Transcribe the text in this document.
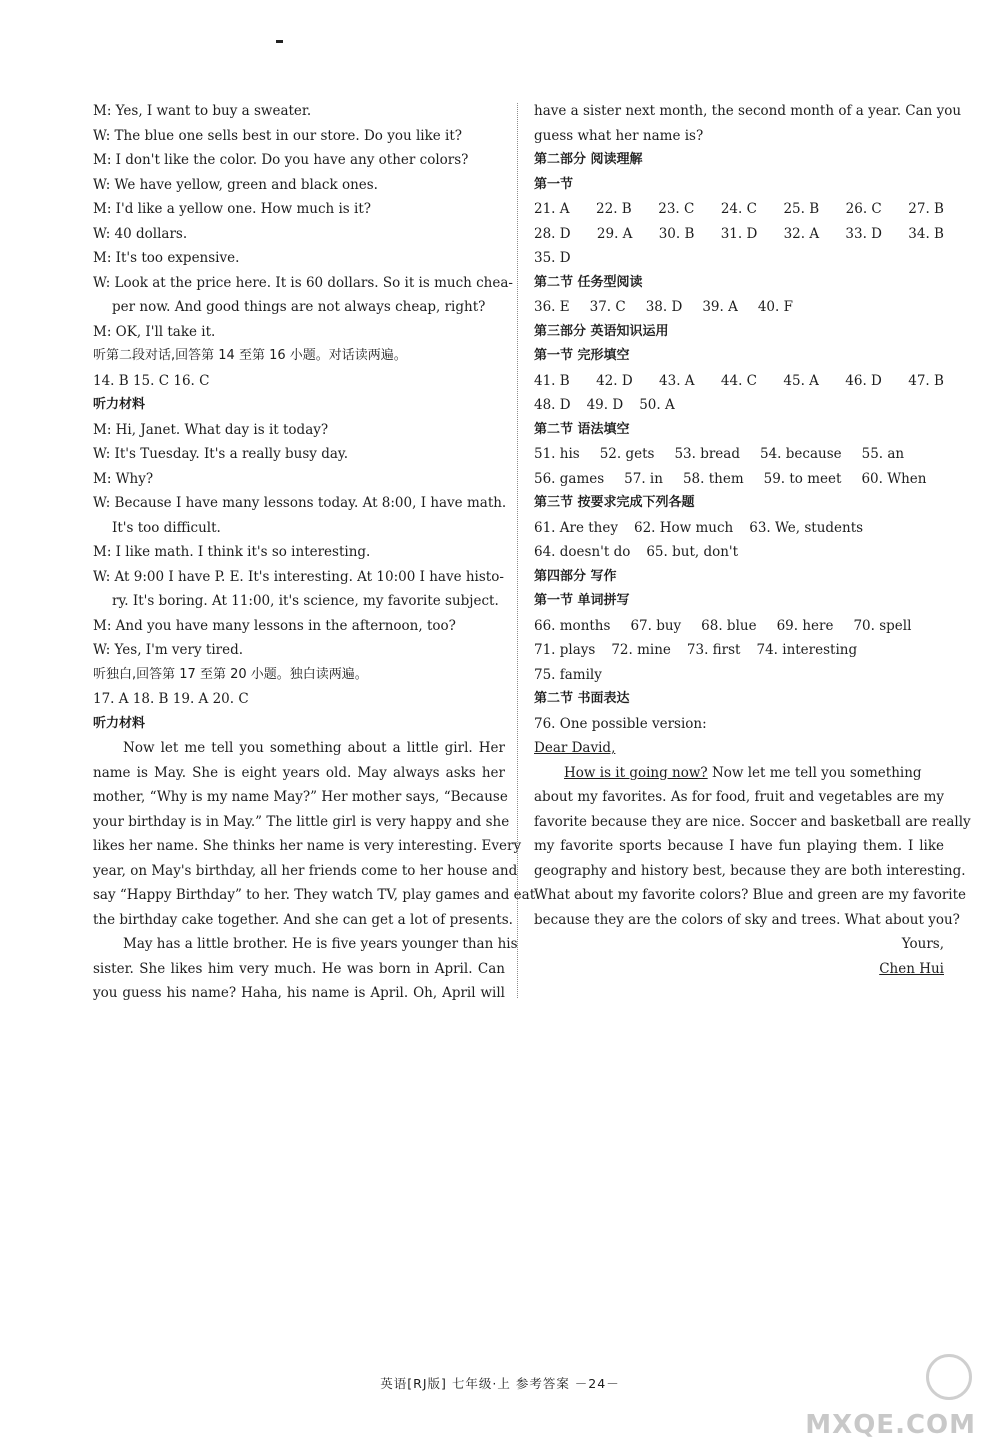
M: Yes, I want to buy a sweater.
W: The blue one sells best in our store. Do you like it?
M: I don't like the color. Do you have any other colors?
W: We have yellow, green and black ones.
M: I'd like a yellow one. How much is it?
W: 40 dollars.
M: It's too expensive.
W: Look at the price here. It is 60 dollars. So it is much chea-
per now. And good things are not always cheap, right?
M: OK, I'll take it.
听第二段对话,回答第 14 至第 16 小题。对话读两遍。
14. B 15. C 16. C
听力材料
M: Hi, Janet. What day is it today?
W: It's Tuesday. It's a really busy day.
M: Why?
W: Because I have many lessons today. At 8:00, I have math.
It's too difficult.
M: I like math. I think it's so interesting.
W: At 9:00 I have P. E. It's interesting. At 10:00 I have histo-
ry. It's boring. At 11:00, it's science, my favorite subject.
M: And you have many lessons in the afternoon, too?
W: Yes, I'm very tired.
听独白,回答第 17 至第 20 小题。独白读两遍。
17. A 18. B 19. A 20. C
听力材料
Now let me tell you something about a little girl. Her
name is May. She is eight years old. May always asks her
mother, “Why is my name May?” Her mother says, “Because
your birthday is in May.” The little girl is very happy and she
likes her name. She thinks her name is very interesting. Every
year, on May's birthday, all her friends come to her house and
say “Happy Birthday” to her. They watch TV, play games and eat
the birthday cake together. And she can get a lot of presents.
May has a little brother. He is five years younger than his
sister. She likes him very much. He was born in April. Can
you guess his name? Haha, his name is April. Oh, April will
have a sister next month, the second month of a year. Can you
guess what her name is?
第二部分 阅读理解
第一节
21. A 22. B 23. C 24. C 25. B 26. C 27. B
28. D 29. A 30. B 31. D 32. A 33. D 34. B
35. D
第二节 任务型阅读
36. E 37. C 38. D 39. A 40. F
第三部分 英语知识运用
第一节 完形填空
41. B 42. D 43. A 44. C 45. A 46. D 47. B
48. D 49. D 50. A
第二节 语法填空
51. his 52. gets 53. bread 54. because 55. an
56. games 57. in 58. them 59. to meet 60. When
第三节 按要求完成下列各题
61. Are they 62. How much 63. We, students
64. doesn't do 65. but, don't
第四部分 写作
第一节 单词拼写
66. months 67. buy 68. blue 69. here 70. spell
71. plays 72. mine 73. first 74. interesting
75. family
第二节 书面表达
76. One possible version:
Dear David,
How is it going now? Now let me tell you something
about my favorites. As for food, fruit and vegetables are my
favorite because they are nice. Soccer and basketball are really
my favorite sports because I have fun playing them. I like
geography and history best, because they are both interesting.
What about my favorite colors? Blue and green are my favorite
because they are the colors of sky and trees. What about you?
Yours,
Chen Hui
英语[RJ版] 七年级·上 参考答案 －24－
MXQE.COM
